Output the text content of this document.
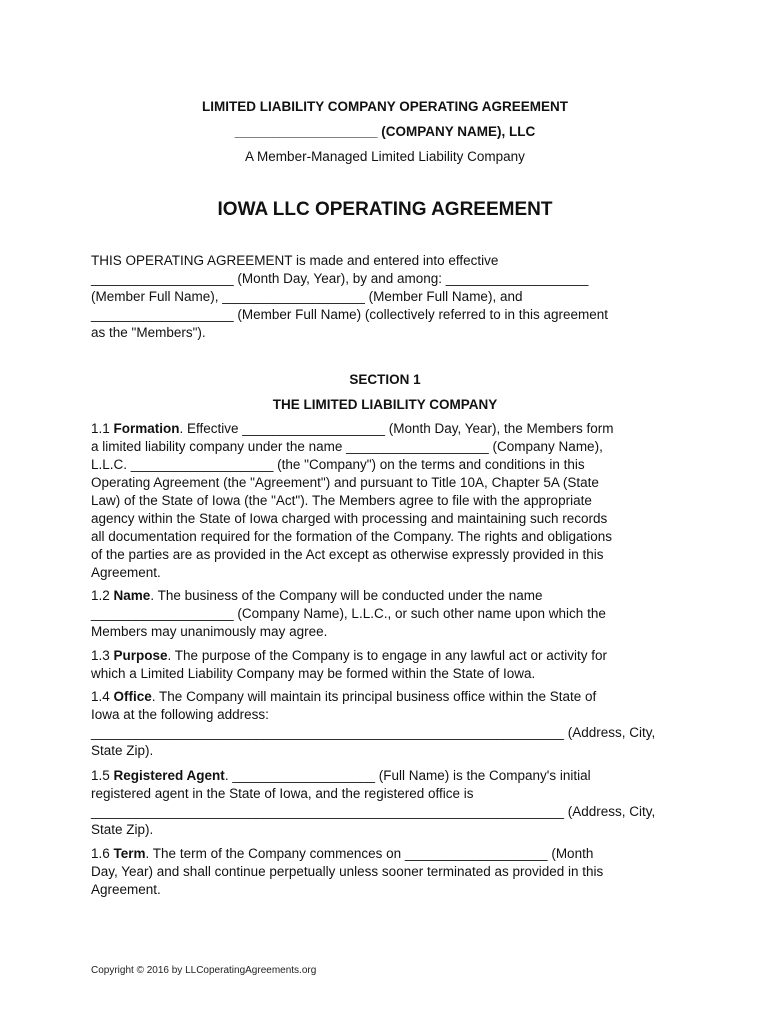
LIMITED LIABILITY COMPANY OPERATING AGREEMENT
___________________ (COMPANY NAME), LLC
A Member-Managed Limited Liability Company
IOWA LLC OPERATING AGREEMENT
THIS OPERATING AGREEMENT is made and entered into effective
___________________ (Month Day, Year), by and among: ___________________
(Member Full Name), ___________________ (Member Full Name), and
___________________ (Member Full Name) (collectively referred to in this agreement
as the "Members").
SECTION 1
THE LIMITED LIABILITY COMPANY
1.1 Formation. Effective ___________________ (Month Day, Year), the Members form
a limited liability company under the name ___________________ (Company Name),
L.L.C. ___________________ (the "Company") on the terms and conditions in this
Operating Agreement (the "Agreement") and pursuant to Title 10A, Chapter 5A (State
Law) of the State of Iowa (the "Act"). The Members agree to file with the appropriate
agency within the State of Iowa charged with processing and maintaining such records
all documentation required for the formation of the Company. The rights and obligations
of the parties are as provided in the Act except as otherwise expressly provided in this
Agreement.
1.2 Name. The business of the Company will be conducted under the name
___________________ (Company Name), L.L.C., or such other name upon which the
Members may unanimously may agree.
1.3 Purpose. The purpose of the Company is to engage in any lawful act or activity for
which a Limited Liability Company may be formed within the State of Iowa.
1.4 Office. The Company will maintain its principal business office within the State of
Iowa at the following address:
_______________________________________________________________ (Address, City,
State Zip).
1.5 Registered Agent. ___________________ (Full Name) is the Company's initial
registered agent in the State of Iowa, and the registered office is
_______________________________________________________________ (Address, City,
State Zip).
1.6 Term. The term of the Company commences on ___________________ (Month
Day, Year) and shall continue perpetually unless sooner terminated as provided in this
Agreement.
Copyright © 2016 by LLCoperatingAgreements.org
